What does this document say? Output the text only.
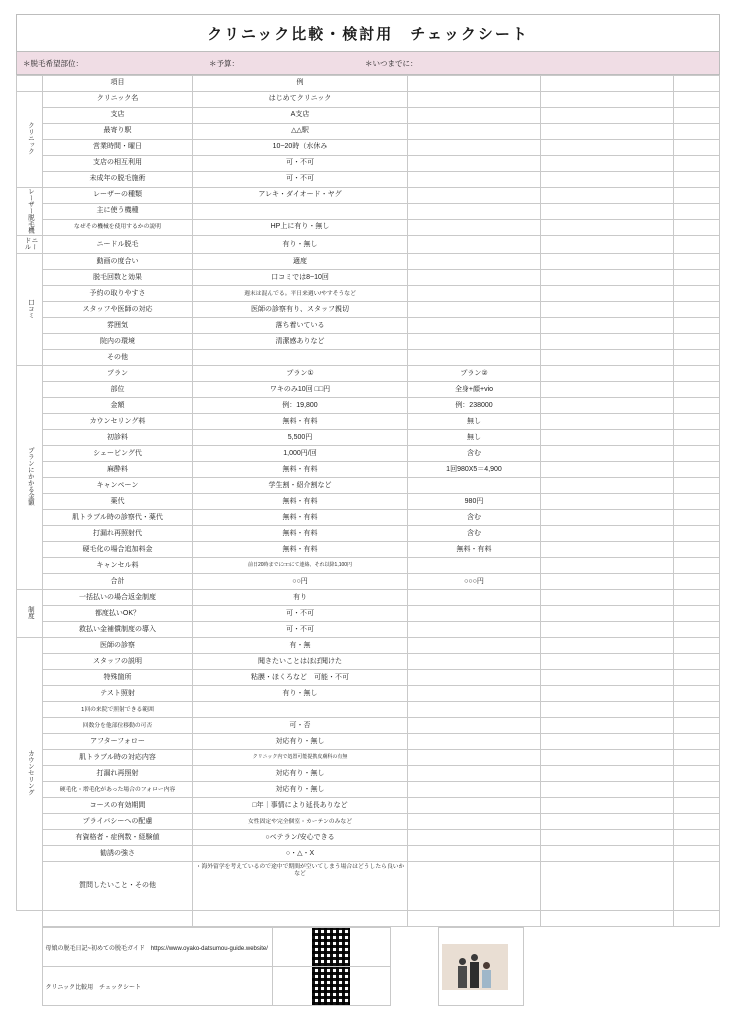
クリニック比較・検討用　チェックシート
＊脱毛希望部位：	＊予算：	＊いつまでに：
	項目	例			
クリニック	クリニック名	はじめてクリニック			
	支店	A支店			
	最寄り駅	△△駅			
	営業時間・曜日	10~20時（水休み			
	支店の相互利用	可・不可			
	未成年の脱毛施術	可・不可			
レーザー脱毛機	レーザーの種類	アレキ・ダイオード・ヤグ			
	主に使う機種				
	なぜその機械を使用するかの説明	HP上に有り・無し			
ニードル	ニードル脱毛	有り・無し			
口コミ	動画の度合い	適度			
	脱毛回数と効果	口コミでは8~10回			
	予約の取りやすさ	週末は混んでる。平日来週い/やすそうなど			
	スタッフや医師の対応	医師の診察有り、スタッフ親切			
	雰囲気	落ち着いている			
	院内の環境	清潔感ありなど			
	その他				
プランにかかる金額	プラン	プラン①	プラン②		
	部位	ワキのみ10回 □□円	全身+顔+vio		
	金額	例：19,800	例：238000		
	カウンセリング料	無料・有料	無し		
	初診料	5,500円	無し		
	シェービング代	1,000円/回	含む		
	麻酔料	無料・有料	1回980X5＝4,900		
	キャンペーン	学生割・紹介割など			
	薬代	無料・有料	980円		
	肌トラブル時の診察代・薬代	無料・有料	含む		
	打漏れ再照射代	無料・有料	含む		
	硬毛化の場合追加料金	無料・有料	無料・有料		
	キャンセル料	前日20時までに□□にて連絡、それ以降1,100円			
	合計	○○円	○○○円		
制度	一括払いの場合返金制度	有り			
	都度払いOK？	可・不可			
	救払い金補償制度の導入	可・不可			
カウンセリング	医師の診察	有・無			
	スタッフの説明	聞きたいことはほぼ聞けた			
	特殊箇所	粘膜・ほくろなど　可能・不可			
	テスト照射	有り・無し			
	1回の来院で照射できる範囲				
	回数分を他部位移動の可否	可・否			
	アフターフォロー	対応有り・無し			
	肌トラブル時の対応内容	クリニック内で処置可能提携皮膚科の有無			
	打漏れ再照射	対応有り・無し			
	硬毛化・増毛化があった場合のフォロー内容	対応有り・無し			
	コースの有効期間	□年｜事情により延長ありなど			
	プライバシーへの配慮	女性固定や完全個室・カーテンのみなど			
	有資格者・症例数・経験値	○ベテラン/安心できる			
	勧誘の強さ	○・△・X			
	質問したいこと・その他	・海外留学を考えているので途中で期間が空いてしまう場合はどうしたら良いかなど			

	母娘の脱毛日記~初めての脱毛ガイド　https://www.oyako-datsumou-guide.website/	

	クリニック比較用　チェックシート				
